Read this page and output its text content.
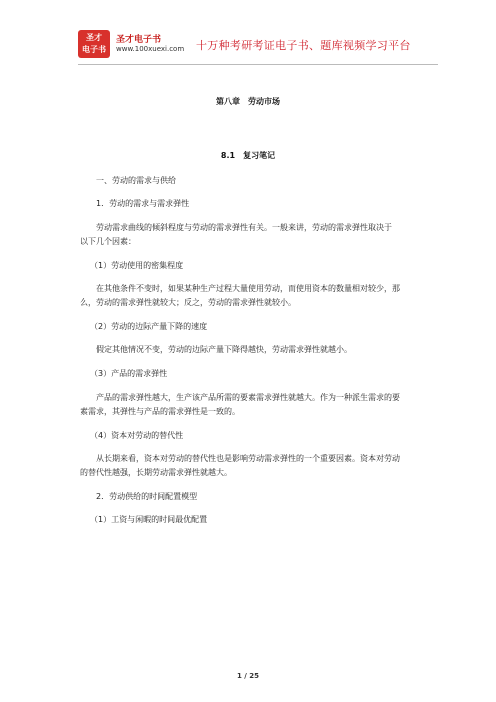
圣才
电子书
圣才电子书
www.100xuexi.com 十万种考研考证电子书、题库视频学习平台
第八章　劳动市场
8.1　复习笔记
一、劳动的需求与供给
1．劳动的需求与需求弹性
劳动需求曲线的倾斜程度与劳动的需求弹性有关。一般来讲，劳动的需求弹性取决于
以下几个因素：
（1）劳动使用的密集程度
在其他条件不变时，如果某种生产过程大量使用劳动，而使用资本的数量相对较少，那
么，劳动的需求弹性就较大；反之，劳动的需求弹性就较小。
（2）劳动的边际产量下降的速度
假定其他情况不变，劳动的边际产量下降得越快，劳动需求弹性就越小。
（3）产品的需求弹性
产品的需求弹性越大，生产该产品所需的要素需求弹性就越大。作为一种派生需求的要
素需求，其弹性与产品的需求弹性是一致的。
（4）资本对劳动的替代性
从长期来看，资本对劳动的替代性也是影响劳动需求弹性的一个重要因素。资本对劳动
的替代性越强，长期劳动需求弹性就越大。
2．劳动供给的时间配置模型
（1）工资与闲暇的时间最优配置
1 / 25
